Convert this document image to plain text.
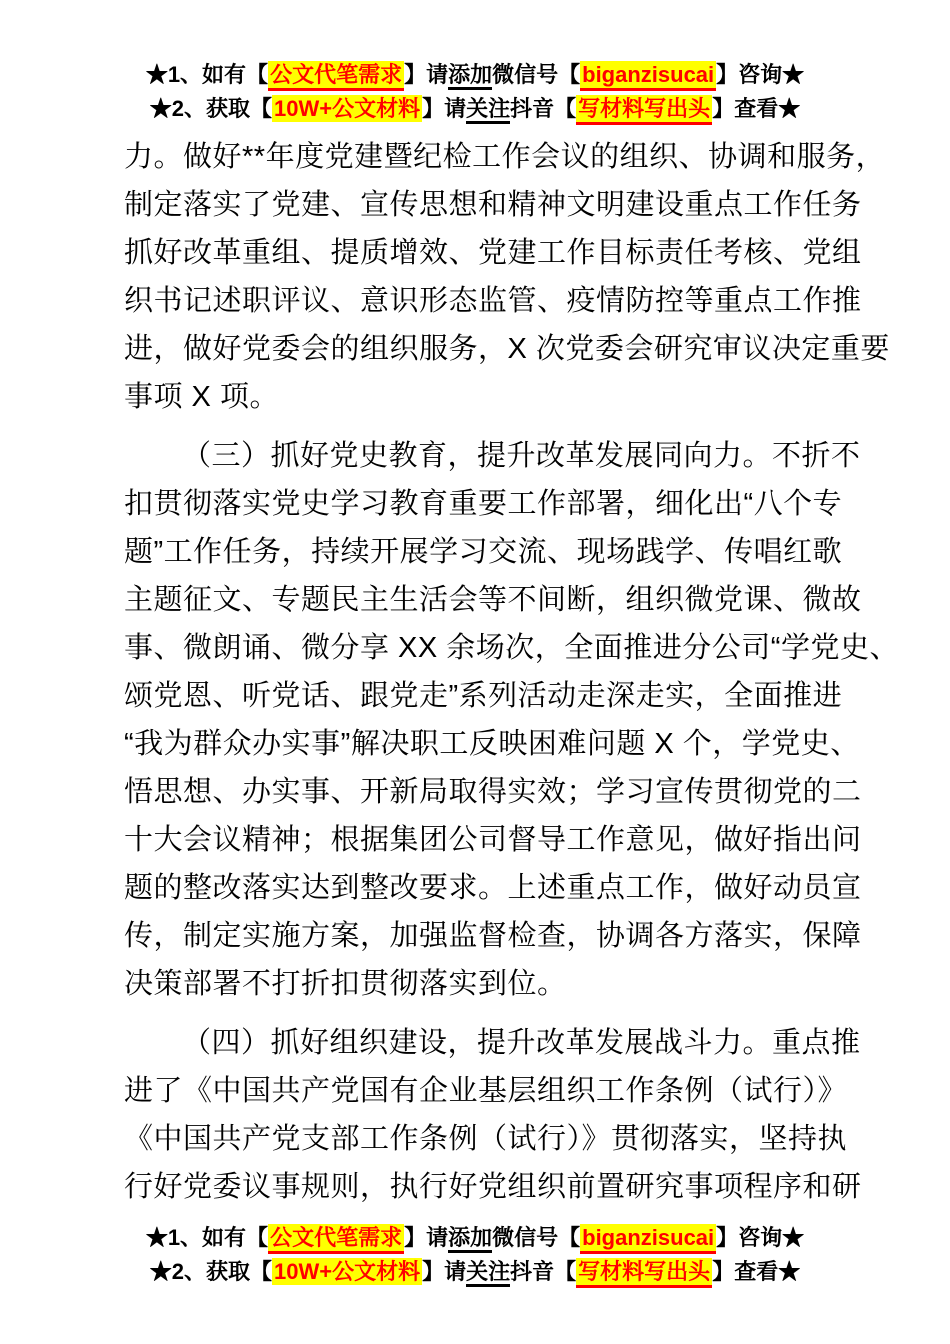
★1、如有【公文代笔需求】请添加微信号【biganzisucai】咨询★
★2、获取【10W+公文材料】请关注抖音【写材料写出头】查看★
力。做好**年度党建暨纪检工作会议的组织、协调和服务，
制定落实了党建、宣传思想和精神文明建设重点工作任务
抓好改革重组、提质增效、党建工作目标责任考核、党组
织书记述职评议、意识形态监管、疫情防控等重点工作推
进，做好党委会的组织服务，X 次党委会研究审议决定重要
事项 X 项。
（三）抓好党史教育，提升改革发展同向力。不折不
扣贯彻落实党史学习教育重要工作部署，细化出“八个专
题”工作任务，持续开展学习交流、现场践学、传唱红歌
主题征文、专题民主生活会等不间断，组织微党课、微故
事、微朗诵、微分享 XX 余场次，全面推进分公司“学党史、
颂党恩、听党话、跟党走”系列活动走深走实，全面推进
“我为群众办实事”解决职工反映困难问题 X 个，学党史、
悟思想、办实事、开新局取得实效；学习宣传贯彻党的二
十大会议精神；根据集团公司督导工作意见，做好指出问
题的整改落实达到整改要求。上述重点工作，做好动员宣
传，制定实施方案，加强监督检查，协调各方落实，保障
决策部署不打折扣贯彻落实到位。
（四）抓好组织建设，提升改革发展战斗力。重点推
进了《中国共产党国有企业基层组织工作条例（试行）》
《中国共产党支部工作条例（试行）》贯彻落实，坚持执
行好党委议事规则，执行好党组织前置研究事项程序和研
★1、如有【公文代笔需求】请添加微信号【biganzisucai】咨询★
★2、获取【10W+公文材料】请关注抖音【写材料写出头】查看★
